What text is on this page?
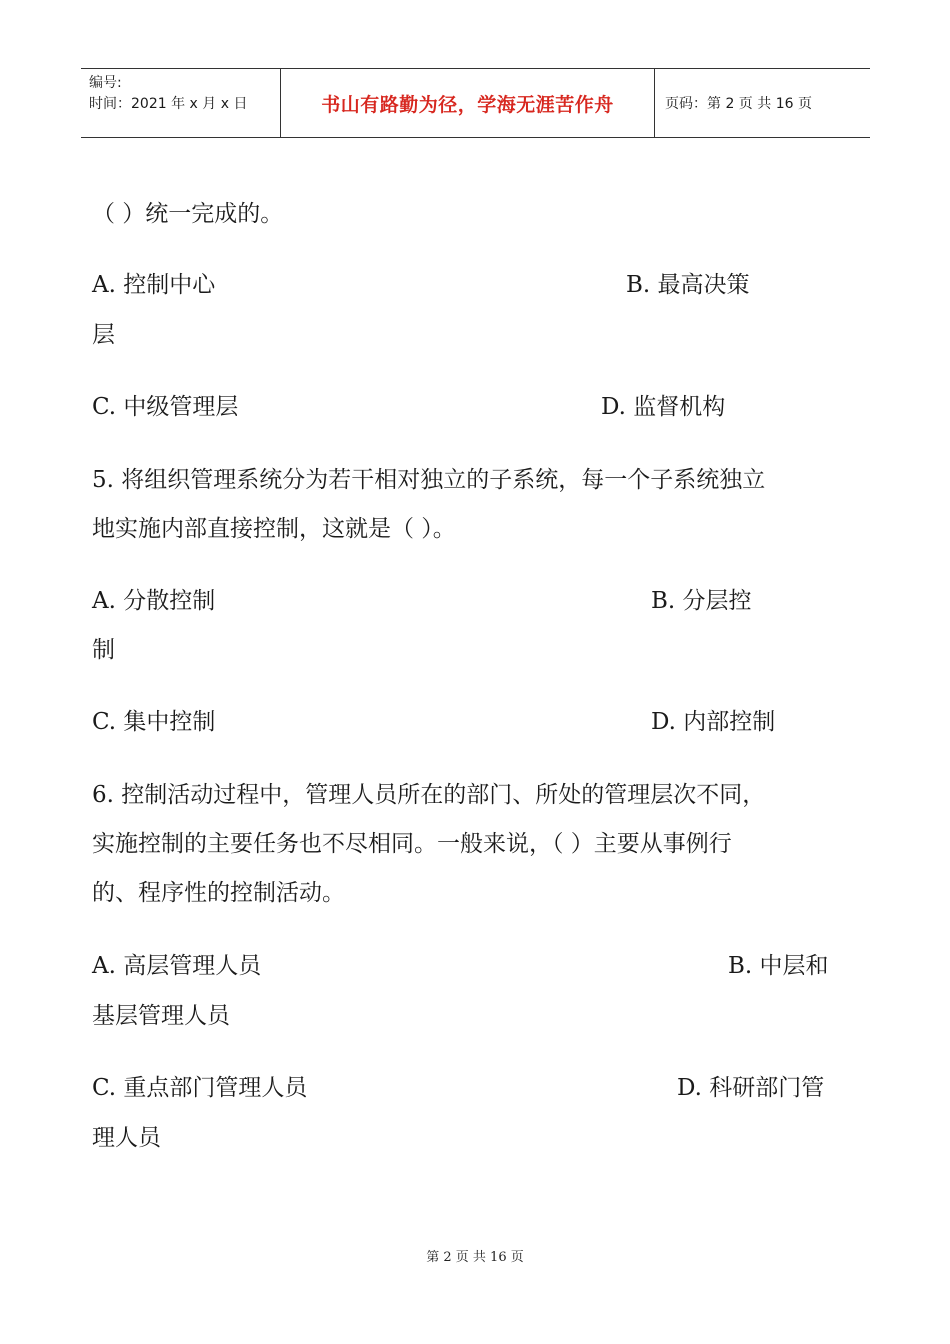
编号:
时间：2021 年 x 月 x 日	书山有路勤为径，学海无涯苦作舟	页码：第 2 页 共 16 页
（ ）统一完成的。
A. 控制中心	B. 最高决策
层
C. 中级管理层	D. 监督机构
5. 将组织管理系统分为若干相对独立的子系统，每一个子系统独立
地实施内部直接控制，这就是（ ）。
A. 分散控制	B. 分层控
制
C. 集中控制	D. 内部控制
6. 控制活动过程中，管理人员所在的部门、所处的管理层次不同，
实施控制的主要任务也不尽相同。一般来说，（ ）主要从事例行
的、程序性的控制活动。
A. 高层管理人员	B. 中层和
基层管理人员
C. 重点部门管理人员	D. 科研部门管
理人员
第 2 页 共 16 页
